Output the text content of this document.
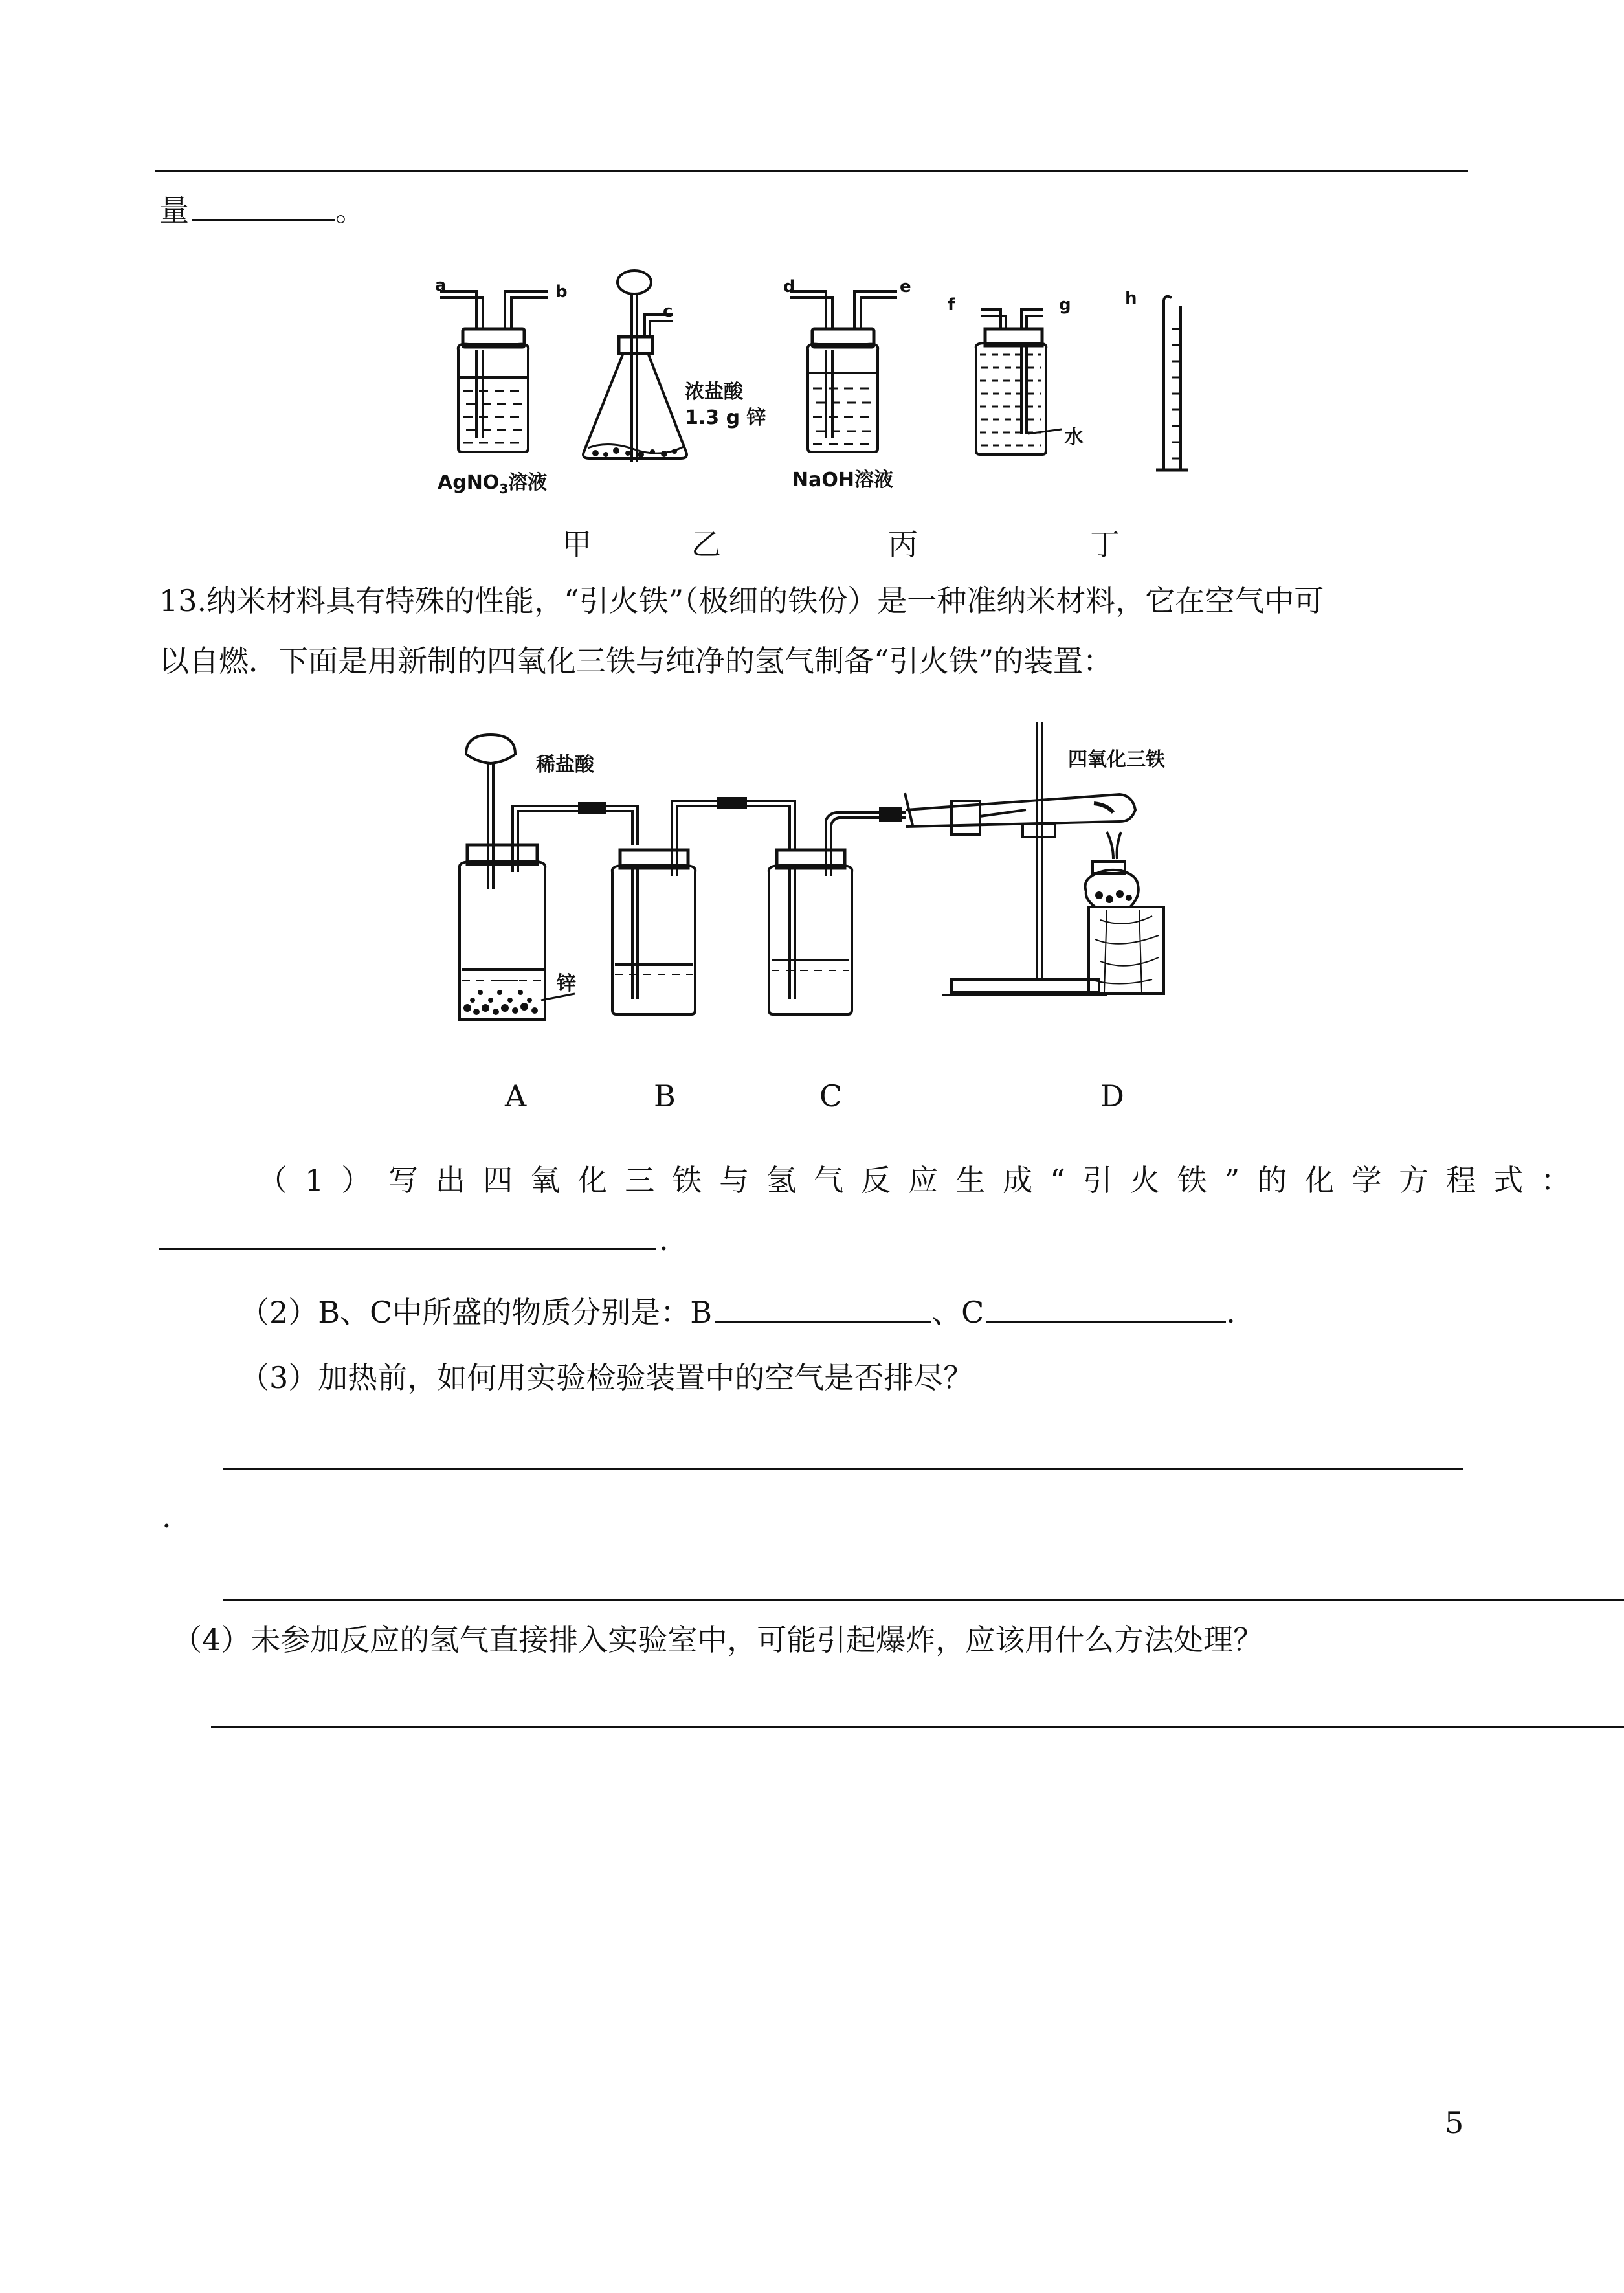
量	。
a	b
c
d	e
f	g	h
浓盐酸
1.3 g 锌
水
AgNO$_3$溶液	NaOH溶液
甲	乙	丙	丁
13.纳米材料具有特殊的性能，“引火铁”（极细的铁份）是一种准纳米材料，它在空气中可
以自燃．下面是用新制的四氧化三铁与纯净的氢气制备“引火铁”的装置：
稀盐酸
锌
四氧化三铁
A	B	C	D
（1）写出四氧化三铁与氢气反应生成“引火铁”的化学方程式：
.
（2）B、C中所盛的物质分别是：B	、C	.
（3）加热前，如何用实验检验装置中的空气是否排尽？
.
（4）未参加反应的氢气直接排入实验室中，可能引起爆炸，应该用什么方法处理？
5
